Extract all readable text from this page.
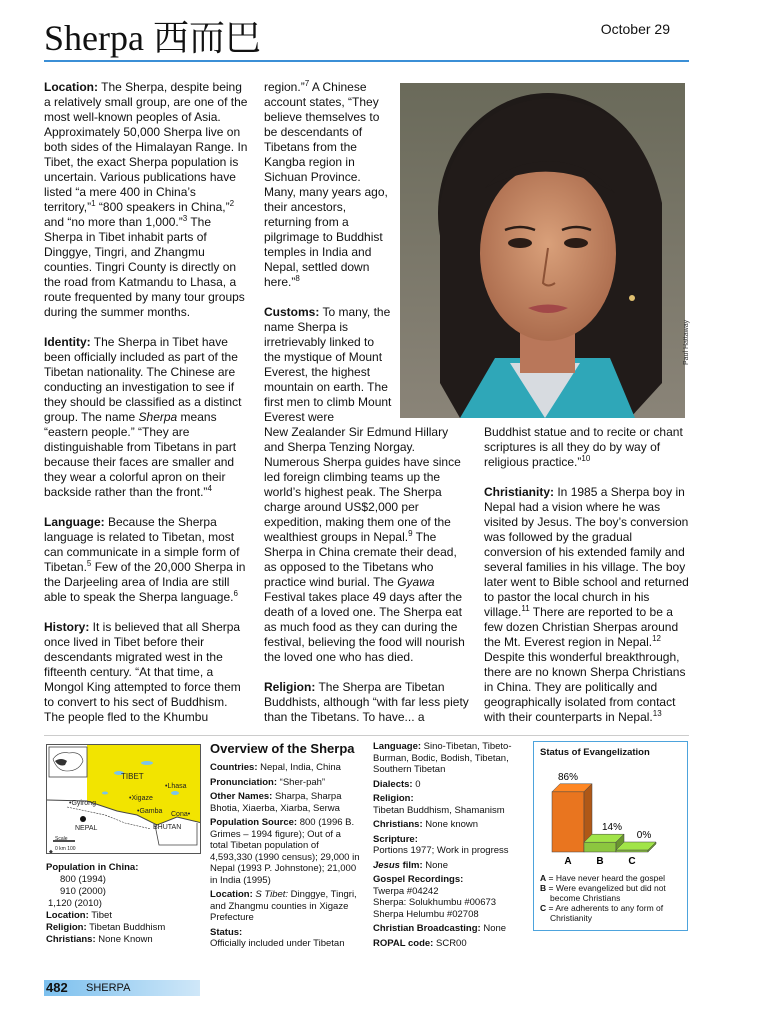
Sherpa 西而巴	October 29

Location: The Sherpa, despite being a relatively small group, are one of the most well-known peoples of Asia. Approximately 50,000 Sherpa live on both sides of the Himalayan Range. In Tibet, the exact Sherpa population is uncertain. Various publications have listed “a mere 400 in China’s territory,”$^1$ “800 speakers in China,”$^2$ and “no more than 1,000.”$^3$ The Sherpa in Tibet inhabit parts of Dinggye, Tingri, and Zhangmu counties. Tingri County is directly on the road from Katmandu to Lhasa, a route frequented by many tour groups during the summer months.

Identity: The Sherpa in Tibet have been officially included as part of the Tibetan nationality. The Chinese are conducting an investigation to see if they should be classified as a distinct group. The name Sherpa means “eastern people.” “They are distinguishable from Tibetans in part because their faces are smaller and they wear a colorful apron on their backside rather than the front.”$^4$

Language: Because the Sherpa language is related to Tibetan, most can communicate in a simple form of Tibetan.$^5$ Few of the 20,000 Sherpa in the Darjeeling area of India are still able to speak the Sherpa language.$^6$

History: It is believed that all Sherpa once lived in Tibet before their descendants migrated west in the fifteenth century. “At that time, a Mongol King attempted to force them to convert to his sect of Buddhism. The people fled to the Khumbu

region.”$^7$ A Chinese account states, “They believe themselves to be descendants of Tibetans from the Kangba region in Sichuan Province. Many, many years ago, their ancestors, returning from a pilgrimage to Buddhist temples in India and Nepal, settled down here.”$^8$

Customs: To many, the name Sherpa is irretrievably linked to the mystique of Mount Everest, the highest mountain on earth. The first men to climb Mount Everest were

New Zealander Sir Edmund Hillary and Sherpa Tenzing Norgay. Numerous Sherpa guides have since led foreign climbing teams up the world’s highest peak. The Sherpa charge around US$2,000 per expedition, making them one of the wealthiest groups in Nepal.$^9$ The Sherpa in China cremate their dead, as opposed to the Tibetans who practice wind burial. The Gyawa Festival takes place 49 days after the death of a loved one. The Sherpa eat as much food as they can during the festival, believing the food will nourish the loved one who has died.

Religion: The Sherpa are Tibetan Buddhists, although “with far less piety than the Tibetans. To have... a

Buddhist statue and to recite or chant scriptures is all they do by way of religious practice.”$^{10}$

Christianity: In 1985 a Sherpa boy in Nepal had a vision where he was visited by Jesus. The boy’s conversion was followed by the gradual conversion of his extended family and several families in his village. The boy later went to Bible school and returned to pastor the local church in his village.$^{11}$ There are reported to be a few dozen Christian Sherpas around the Mt. Everest region in Nepal.$^{12}$ Despite this wonderful breakthrough, there are no known Sherpa Christians in China. They are politically and geographically isolated from contact with their counterparts in Nepal.$^{13}$

Paul Hattaway
◆
TIBET
•Lhasa
•Xigaze
•Gyirong
•Gamba Cona•
NEPAL	BHUTAN
Scale
0 km 100
Population in China:
800 (1994)
910 (2000)
1,120 (2010)
Location: Tibet
Religion: Tibetan Buddhism
Christians: None Known
Overview of the Sherpa
Countries: Nepal, India, China
Pronunciation: “Sher-pah”
Other Names: Sharpa, Sharpa Bhotia, Xiaerba, Xiarba, Serwa
Population Source: 800 (1996 B. Grimes – 1994 figure); Out of a total Tibetan population of 4,593,330 (1990 census); 29,000 in Nepal (1993 P. Johnstone); 21,000 in India (1995)
Location: S Tibet: Dinggye, Tingri, and Zhangmu counties in Xigaze Prefecture
Status:
Officially included under Tibetan
Language: Sino-Tibetan, Tibeto-Burman, Bodic, Bodish, Tibetan, Southern Tibetan
Dialects: 0
Religion:
Tibetan Buddhism, Shamanism
Christians: None known
Scripture:
Portions 1977; Work in progress
Jesus film: None
Gospel Recordings:
Twerpa #04242
Sherpa: Solukhumbu #00673
Sherpa Helumbu #02708
Christian Broadcasting: None
ROPAL code: SCR00
Status of Evangelization
86%
A
14%
B
0%
C
A = Have never heard the gospel
B = Were evangelized but did not become Christians
C = Are adherents to any form of Christianity
482 SHERPA
